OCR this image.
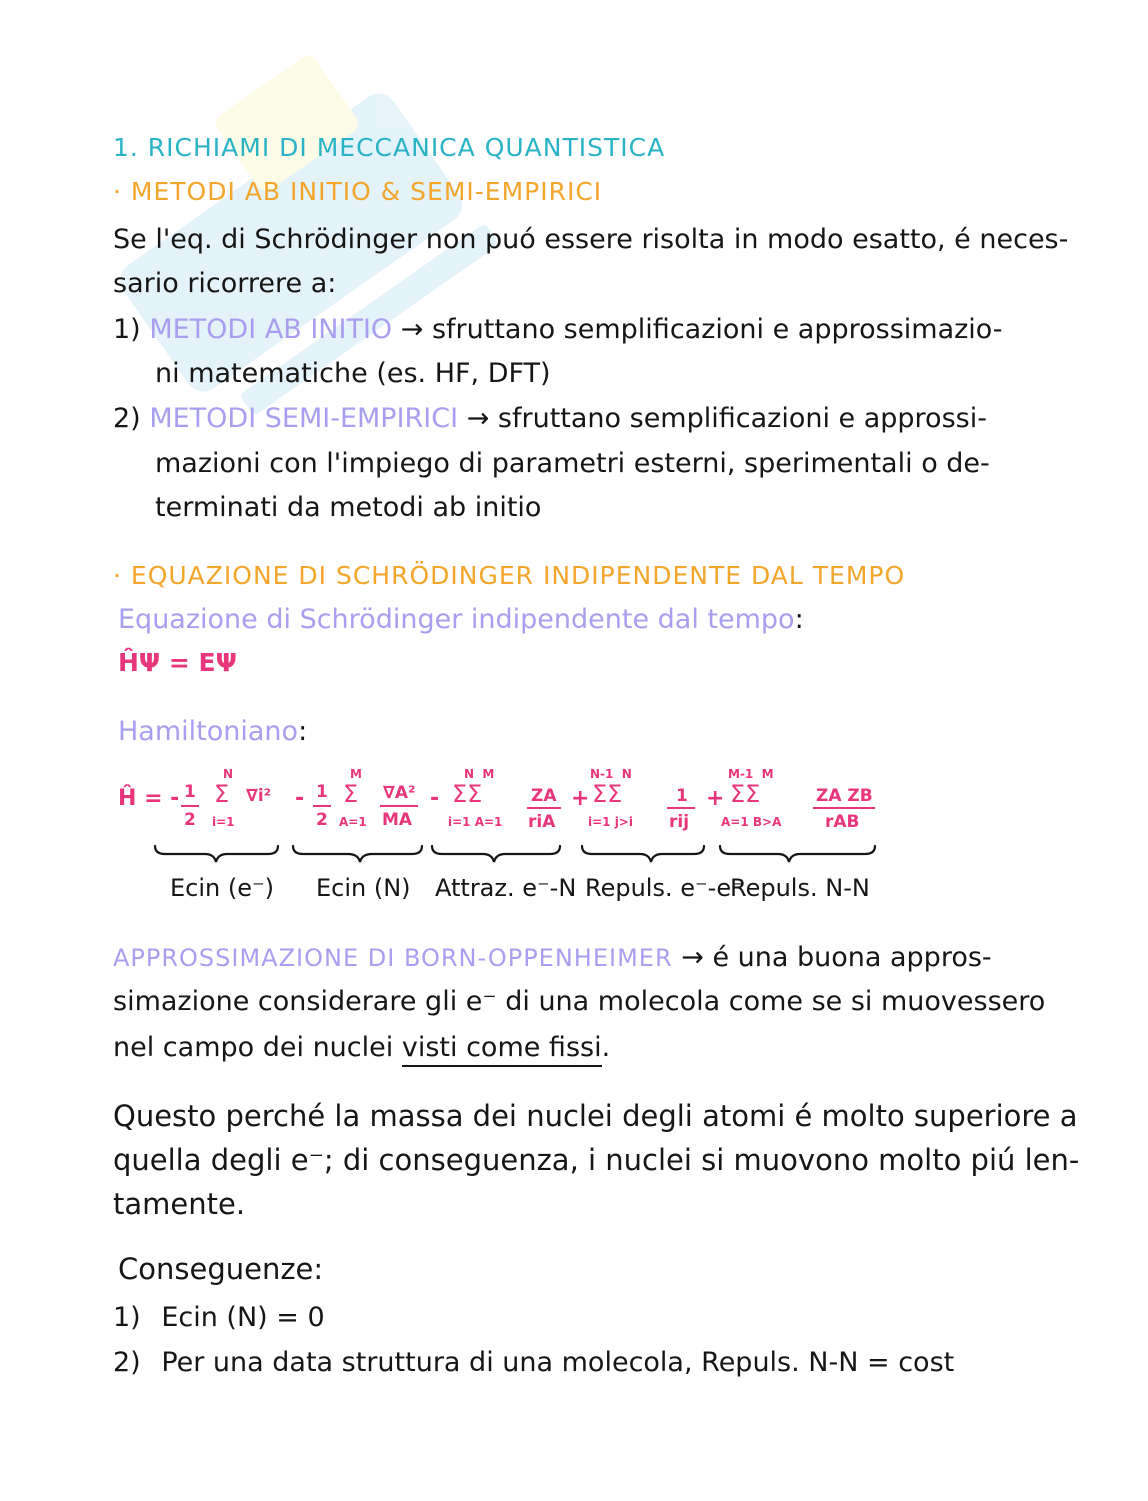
1. RICHIAMI DI MECCANICA QUANTISTICA
· METODI AB INITIO & SEMI-EMPIRICI
Se l'eq. di Schrödinger non puó essere risolta in modo esatto, é neces-
sario ricorrere a:
1) METODI AB INITIO → sfruttano semplificazioni e approssimazio-
ni matematiche (es. HF, DFT)
2) METODI SEMI-EMPIRICI → sfruttano semplificazioni e approssi-
mazioni con l'impiego di parametri esterni, sperimentali o de-
terminati da metodi ab initio
· EQUAZIONE DI SCHRÖDINGER INDIPENDENTE DAL TEMPO
Equazione di Schrödinger indipendente dal tempo:
ĤΨ = EΨ
Hamiltoniano:
Ĥ = - 1
2
N
Σ
i=1
∇i² - 1
2
M
Σ
A=1
∇A²
MA
-
N  M
ΣΣ
i=1 A=1
ZA
riA
+
N-1  N
ΣΣ
i=1 j>i
1
rij
+
M-1  M
ΣΣ
A=1 B>A
ZA ZB
rAB
Ecin (e⁻) Ecin (N) Attraz. e⁻-N Repuls. e⁻-e⁻
Repuls. N-N
APPROSSIMAZIONE DI BORN-OPPENHEIMER → é una buona appros-
simazione considerare gli e⁻ di una molecola come se si muovessero
nel campo dei nuclei visti come fissi.
Questo perché la massa dei nuclei degli atomi é molto superiore a
quella degli e⁻; di conseguenza, i nuclei si muovono molto piú len-
tamente.
Conseguenze:
1) Ecin (N) = 0
2) Per una data struttura di una molecola, Repuls. N-N = cost
